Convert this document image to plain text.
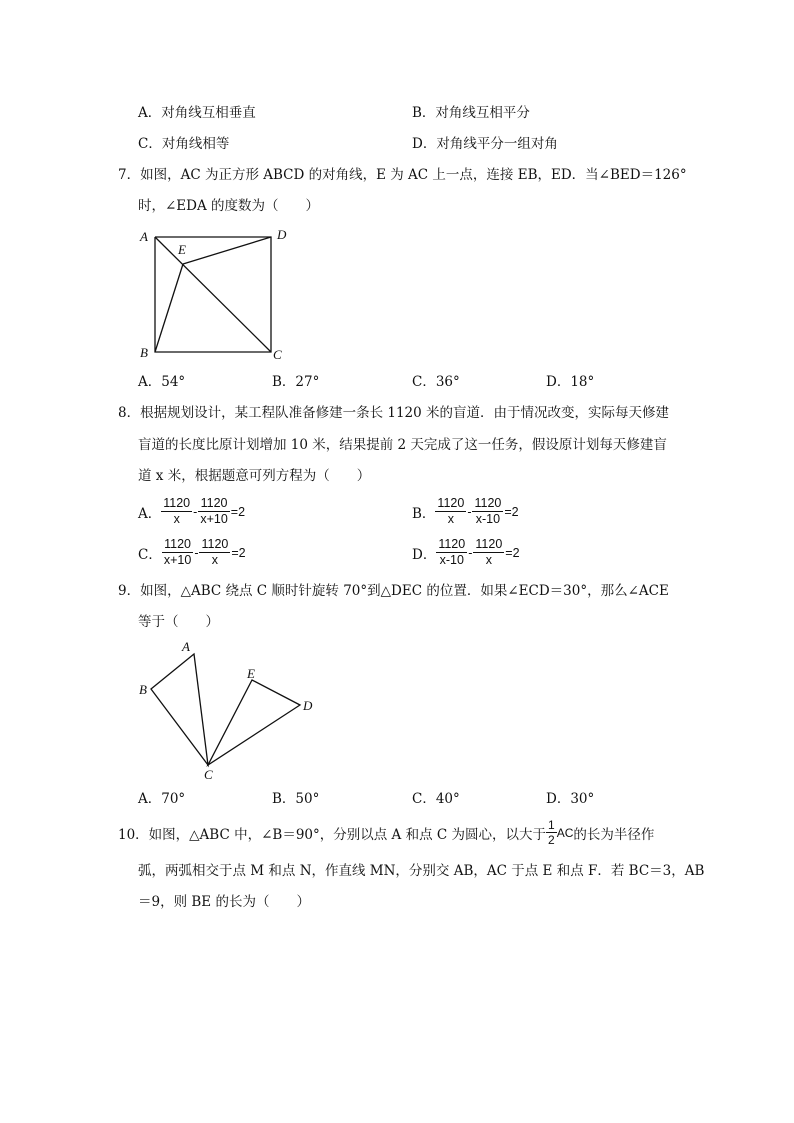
A．对角线互相垂直	B．对角线互相平分
C．对角线相等	D．对角线平分一组对角
7．如图，AC 为正方形 ABCD 的对角线，E 为 AC 上一点，连接 EB，ED．当∠BED＝126°
时，∠EDA 的度数为（　　）
A	D
E
B	C
A．54°	B．27°	C．36°	D．18°
8．根据规划设计，某工程队准备修建一条长 1120 米的盲道．由于情况改变，实际每天修建
盲道的长度比原计划增加 10 米，结果提前 2 天完成了这一任务，假设原计划每天修建盲
道 x 米，根据题意可列方程为（　　）
A． $\frac{1120}{x} - \frac{1120}{x+10} =2$	B． $\frac{1120}{x} - \frac{1120}{x-10} =2$
C． $\frac{1120}{x+10} - \frac{1120}{x} =2$	D． $\frac{1120}{x-10} - \frac{1120}{x} =2$
9．如图，△ABC 绕点 C 顺时针旋转 70°到△DEC 的位置．如果∠ECD＝30°，那么∠ACE
等于（　　）
A
B
E
D
C
A．70°	B．50°	C．40°	D．30°
10．如图，△ABC 中，∠B＝90°，分别以点 A 和点 C 为圆心，以大于 $\frac{1}{2}$ AC 的长为半径作
弧，两弧相交于点 M 和点 N，作直线 MN，分别交 AB，AC 于点 E 和点 F．若 BC＝3，AB
＝9，则 BE 的长为（　　）
